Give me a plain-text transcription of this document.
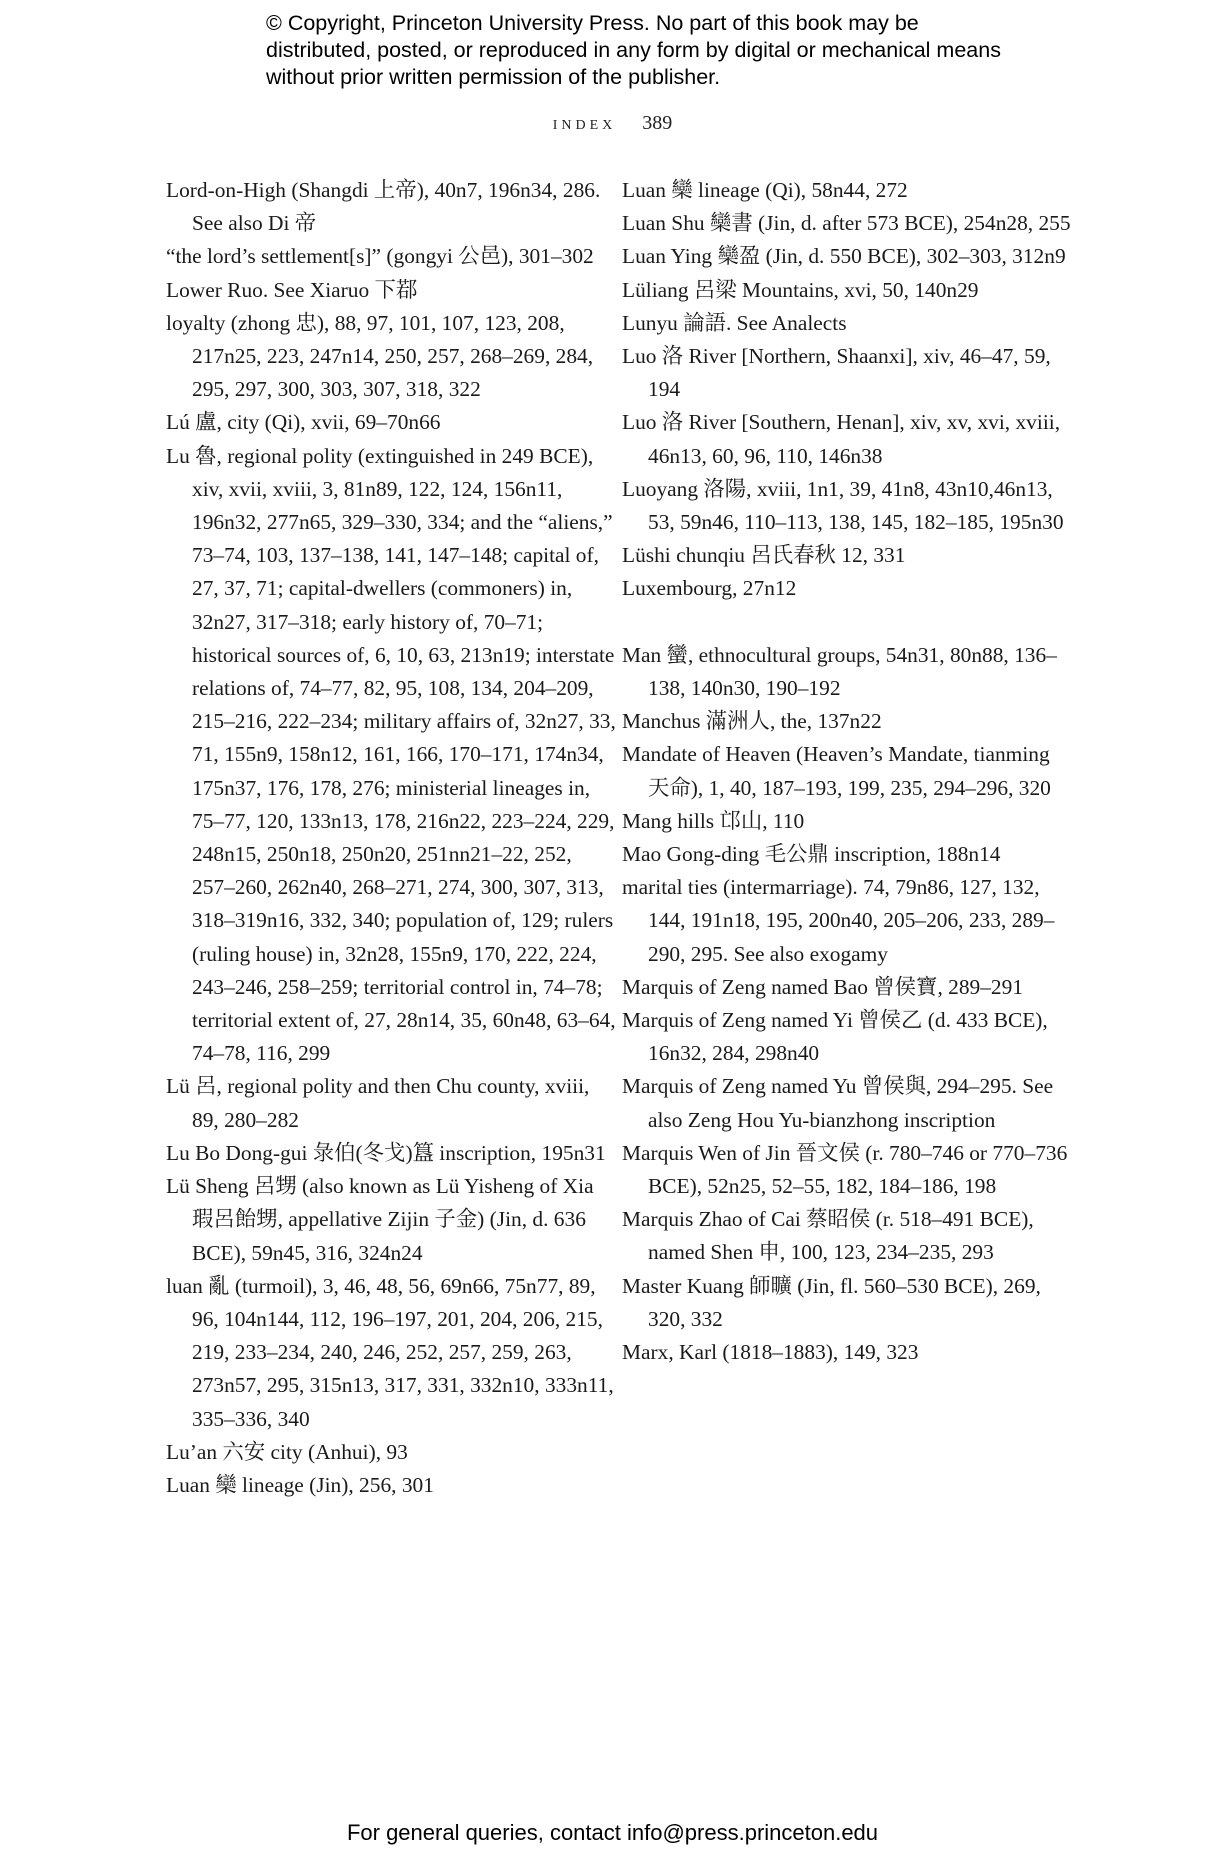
© Copyright, Princeton University Press. No part of this book may be distributed, posted, or reproduced in any form by digital or mechanical means without prior written permission of the publisher.
index 389
Lord-on-High (Shangdi 上帝), 40n7, 196n34, 286. See also Di 帝
“the lord’s settlement[s]” (gongyi 公邑), 301–302
Lower Ruo. See Xiaruo 下鄀
loyalty (zhong 忠), 88, 97, 101, 107, 123, 208, 217n25, 223, 247n14, 250, 257, 268–269, 284, 295, 297, 300, 303, 307, 318, 322
Lú 盧, city (Qi), xvii, 69–70n66
Lu 魯, regional polity (extinguished in 249 BCE), xiv, xvii, xviii, 3, 81n89, 122, 124, 156n11, 196n32, 277n65, 329–330, 334; and the “aliens,” 73–74, 103, 137–138, 141, 147–148; capital of, 27, 37, 71; capital-dwellers (commoners) in, 32n27, 317–318; early history of, 70–71; historical sources of, 6, 10, 63, 213n19; interstate relations of, 74–77, 82, 95, 108, 134, 204–209, 215–216, 222–234; military affairs of, 32n27, 33, 71, 155n9, 158n12, 161, 166, 170–171, 174n34, 175n37, 176, 178, 276; ministerial lineages in, 75–77, 120, 133n13, 178, 216n22, 223–224, 229, 248n15, 250n18, 250n20, 251nn21–22, 252, 257–260, 262n40, 268–271, 274, 300, 307, 313, 318–319n16, 332, 340; population of, 129; rulers (ruling house) in, 32n28, 155n9, 170, 222, 224, 243–246, 258–259; territorial control in, 74–78; territorial extent of, 27, 28n14, 35, 60n48, 63–64, 74–78, 116, 299
Lü 呂, regional polity and then Chu county, xviii, 89, 280–282
Lu Bo Dong-gui 彔伯(冬戈)簋 inscription, 195n31
Lü Sheng 呂甥 (also known as Lü Yisheng of Xia 瑕呂飴甥, appellative Zijin 子金) (Jin, d. 636 BCE), 59n45, 316, 324n24
luan 亂 (turmoil), 3, 46, 48, 56, 69n66, 75n77, 89, 96, 104n144, 112, 196–197, 201, 204, 206, 215, 219, 233–234, 240, 246, 252, 257, 259, 263, 273n57, 295, 315n13, 317, 331, 332n10, 333n11, 335–336, 340
Lu’an 六安 city (Anhui), 93
Luan 欒 lineage (Jin), 256, 301
Luan 欒 lineage (Qi), 58n44, 272
Luan Shu 欒書 (Jin, d. after 573 BCE), 254n28, 255
Luan Ying 欒盈 (Jin, d. 550 BCE), 302–303, 312n9
Lüliang 呂梁 Mountains, xvi, 50, 140n29
Lunyu 論語. See Analects
Luo 洛 River [Northern, Shaanxi], xiv, 46–47, 59, 194
Luo 洛 River [Southern, Henan], xiv, xv, xvi, xviii, 46n13, 60, 96, 110, 146n38
Luoyang 洛陽, xviii, 1n1, 39, 41n8, 43n10,46n13, 53, 59n46, 110–113, 138, 145, 182–185, 195n30
Lüshi chunqiu 呂氏春秋 12, 331
Luxembourg, 27n12
Man 蠻, ethnocultural groups, 54n31, 80n88, 136–138, 140n30, 190–192
Manchus 滿洲人, the, 137n22
Mandate of Heaven (Heaven’s Mandate, tianming 天命), 1, 40, 187–193, 199, 235, 294–296, 320
Mang hills 邙山, 110
Mao Gong-ding 毛公鼎 inscription, 188n14
marital ties (intermarriage). 74, 79n86, 127, 132, 144, 191n18, 195, 200n40, 205–206, 233, 289–290, 295. See also exogamy
Marquis of Zeng named Bao 曾侯寶, 289–291
Marquis of Zeng named Yi 曾侯乙 (d. 433 BCE), 16n32, 284, 298n40
Marquis of Zeng named Yu 曾侯與, 294–295. See also Zeng Hou Yu-bianzhong inscription
Marquis Wen of Jin 晉文侯 (r. 780–746 or 770–736 BCE), 52n25, 52–55, 182, 184–186, 198
Marquis Zhao of Cai 蔡昭侯 (r. 518–491 BCE), named Shen 申, 100, 123, 234–235, 293
Master Kuang 師曠 (Jin, fl. 560–530 BCE), 269, 320, 332
Marx, Karl (1818–1883), 149, 323
For general queries, contact info@press.princeton.edu
